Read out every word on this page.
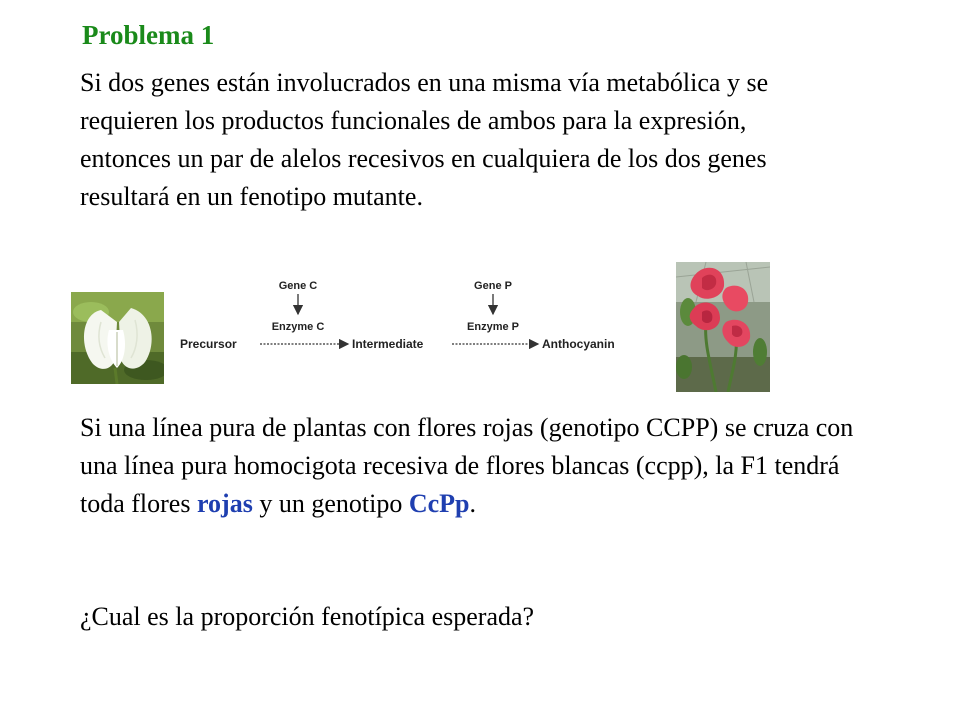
Problema 1
Si dos genes están involucrados en una misma vía metabólica y se requieren los productos funcionales de ambos para la expresión, entonces un par de alelos recesivos en cualquiera de los dos genes resultará en un fenotipo mutante.
Gene C
Enzyme C
Gene P
Enzyme P
Precursor	Intermediate	Anthocyanin
Si una línea pura de plantas con flores rojas (genotipo CCPP) se cruza con una línea pura homocigota recesiva de flores blancas (ccpp), la F1 tendrá toda flores rojas y un genotipo CcPp.
¿Cual es la proporción fenotípica esperada?
